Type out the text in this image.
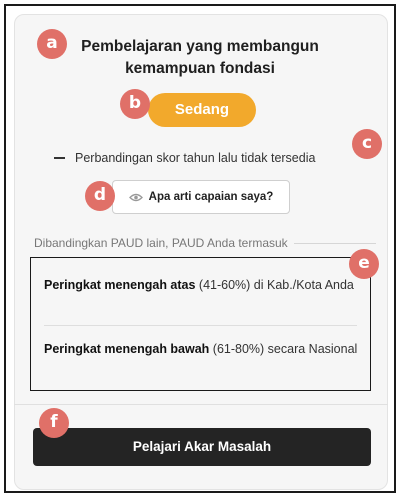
Pembelajaran yang membangun
kemampuan fondasi
Sedang
Perbandingan skor tahun lalu tidak tersedia
Apa arti capaian saya?
Dibandingkan PAUD lain, PAUD Anda termasuk
Peringkat menengah atas (41-60%) di Kab./Kota Anda
Peringkat menengah bawah (61-80%) secara Nasional
Pelajari Akar Masalah
a
b
c
d
e
f
